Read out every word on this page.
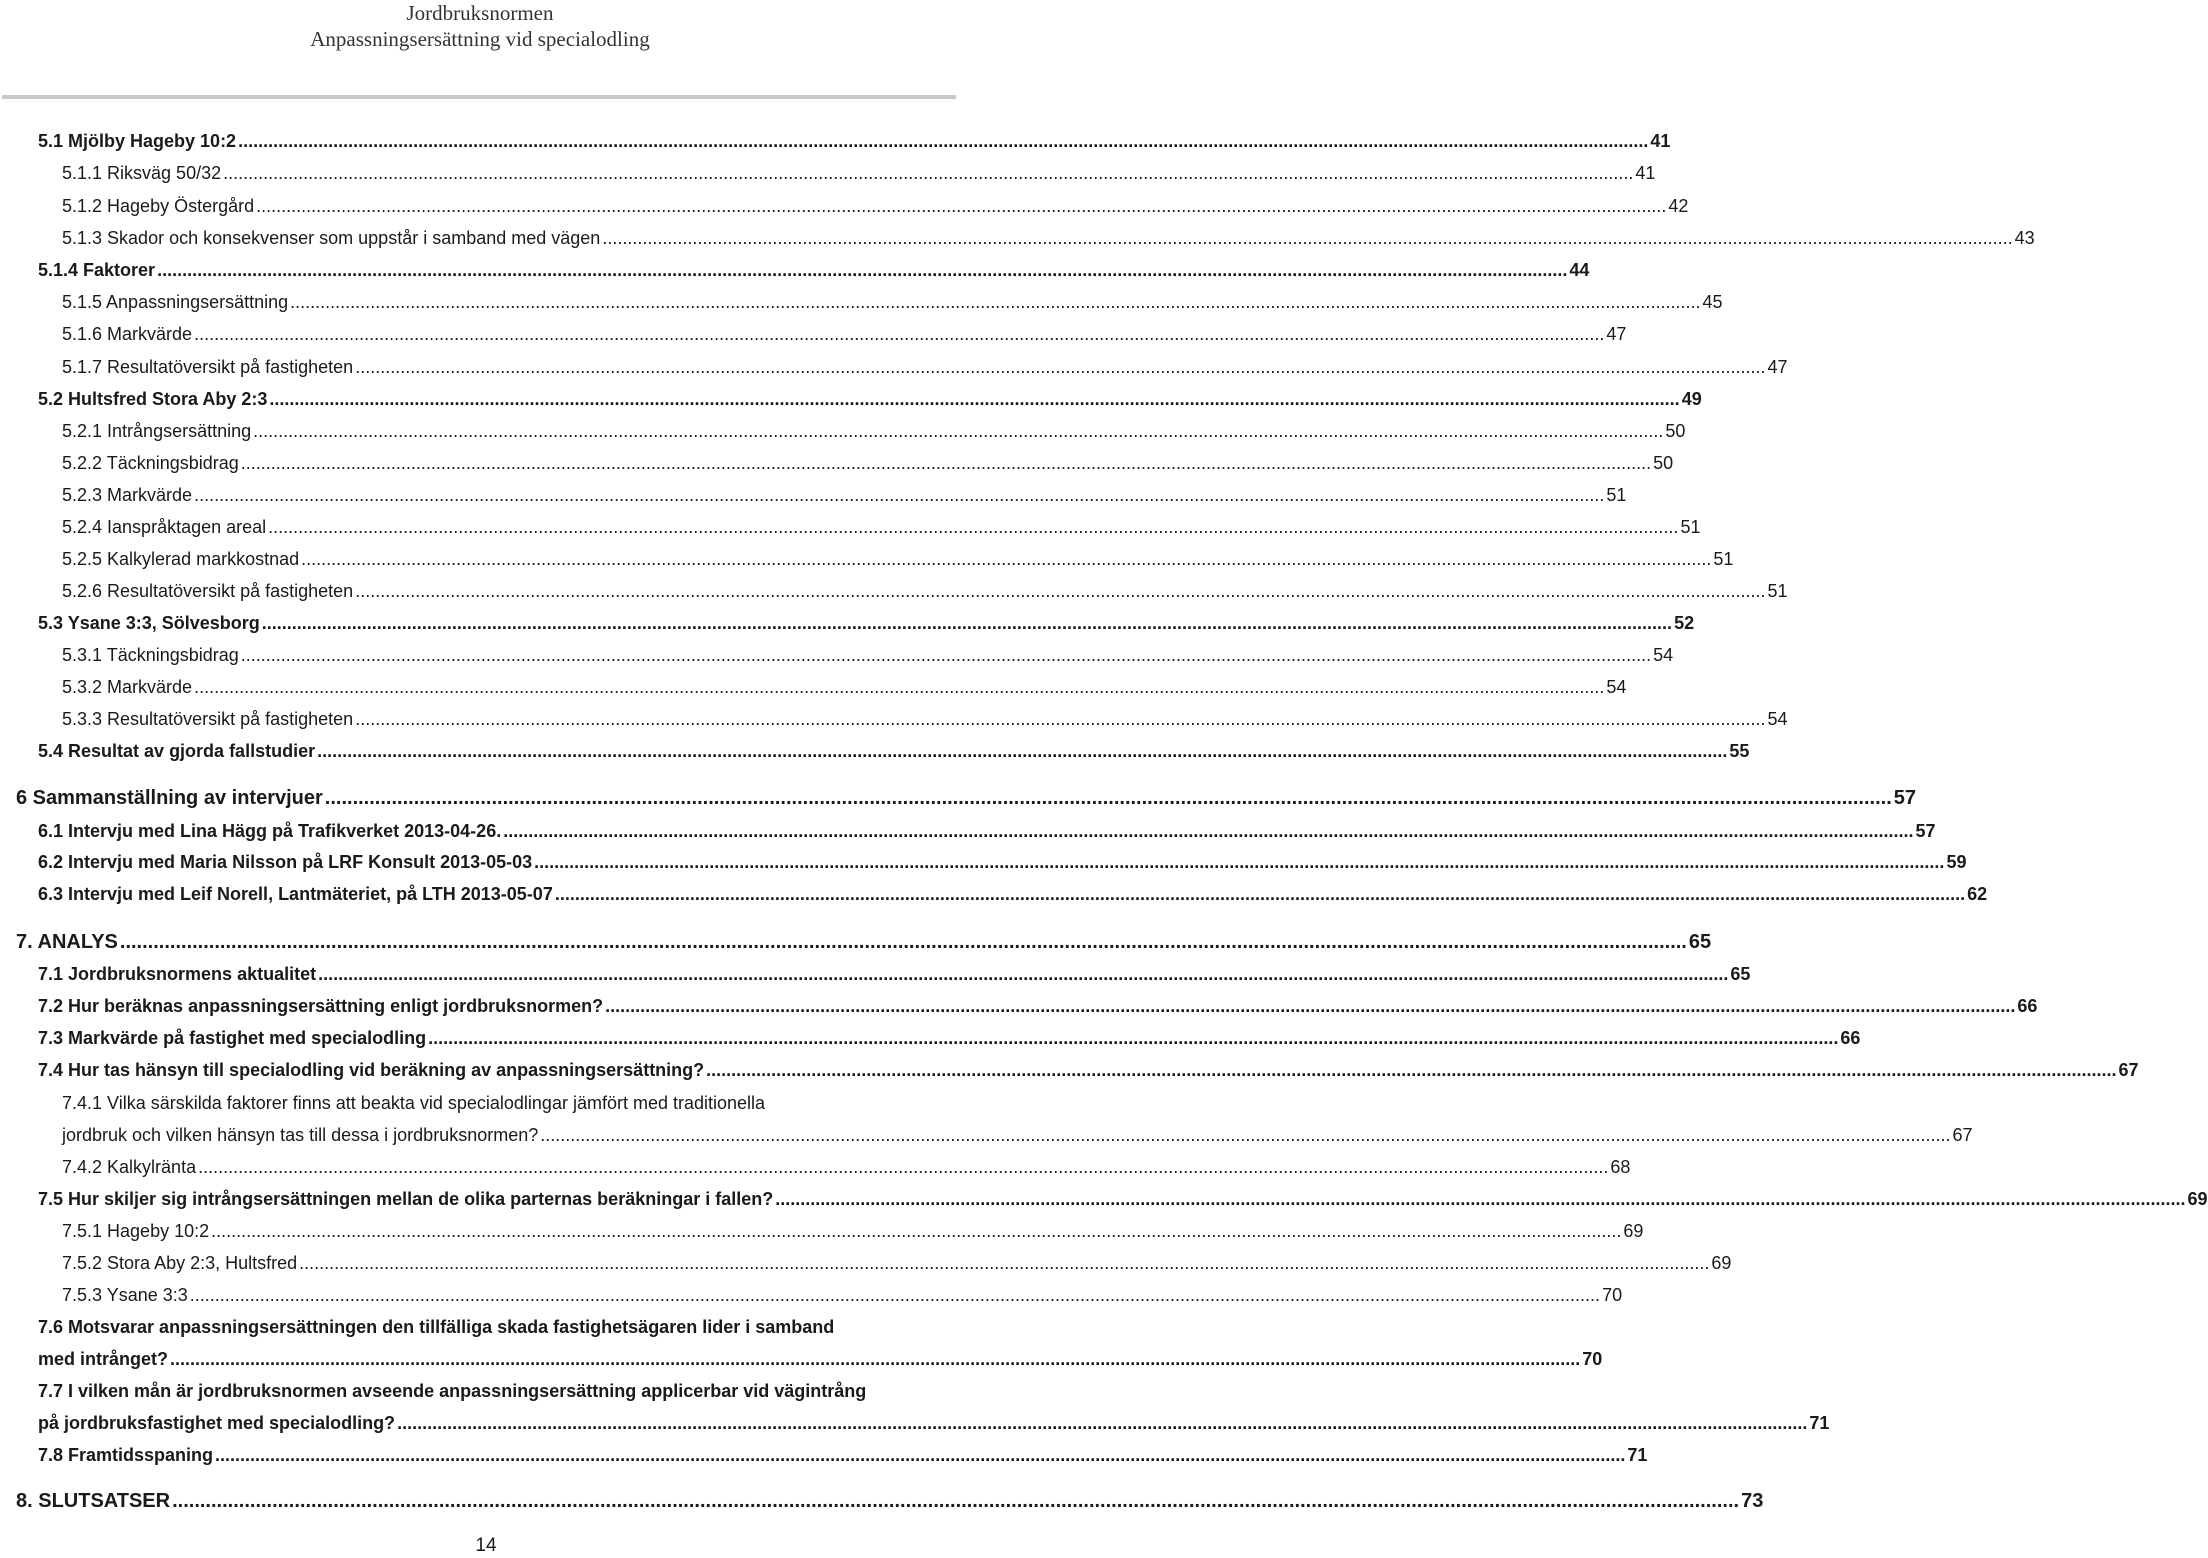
Jordbruksnormen
Anpassningsersättning vid specialodling
5.1 Mjölby Hageby 10:2 .......................................................................................................................................................................................................................................................................................... 41
5.1.1 Riksväg 50/32 .......................................................................................................................................................................................................................................................................................... 41
5.1.2 Hageby Östergård .......................................................................................................................................................................................................................................................................................... 42
5.1.3 Skador och konsekvenser som uppstår i samband med vägen .......................................................................................................................................................................................................................................................................................... 43
5.1.4 Faktorer .......................................................................................................................................................................................................................................................................................... 44
5.1.5 Anpassningsersättning .......................................................................................................................................................................................................................................................................................... 45
5.1.6 Markvärde .......................................................................................................................................................................................................................................................................................... 47
5.1.7 Resultatöversikt på fastigheten .......................................................................................................................................................................................................................................................................................... 47
5.2 Hultsfred Stora Aby 2:3 .......................................................................................................................................................................................................................................................................................... 49
5.2.1 Intrångsersättning .......................................................................................................................................................................................................................................................................................... 50
5.2.2 Täckningsbidrag .......................................................................................................................................................................................................................................................................................... 50
5.2.3 Markvärde .......................................................................................................................................................................................................................................................................................... 51
5.2.4 Ianspråktagen areal .......................................................................................................................................................................................................................................................................................... 51
5.2.5 Kalkylerad markkostnad .......................................................................................................................................................................................................................................................................................... 51
5.2.6 Resultatöversikt på fastigheten .......................................................................................................................................................................................................................................................................................... 51
5.3 Ysane 3:3, Sölvesborg .......................................................................................................................................................................................................................................................................................... 52
5.3.1 Täckningsbidrag .......................................................................................................................................................................................................................................................................................... 54
5.3.2 Markvärde .......................................................................................................................................................................................................................................................................................... 54
5.3.3 Resultatöversikt på fastigheten .......................................................................................................................................................................................................................................................................................... 54
5.4 Resultat av gjorda fallstudier .......................................................................................................................................................................................................................................................................................... 55
6 Sammanställning av intervjuer .......................................................................................................................................................................................................................................................................................... 57
6.1 Intervju med Lina Hägg på Trafikverket 2013-04-26. .......................................................................................................................................................................................................................................................................................... 57
6.2 Intervju med Maria Nilsson på LRF Konsult 2013-05-03 .......................................................................................................................................................................................................................................................................................... 59
6.3 Intervju med Leif Norell, Lantmäteriet, på LTH 2013-05-07 .......................................................................................................................................................................................................................................................................................... 62
7. ANALYS .......................................................................................................................................................................................................................................................................................... 65
7.1 Jordbruksnormens aktualitet .......................................................................................................................................................................................................................................................................................... 65
7.2 Hur beräknas anpassningsersättning enligt jordbruksnormen? .......................................................................................................................................................................................................................................................................................... 66
7.3 Markvärde på fastighet med specialodling .......................................................................................................................................................................................................................................................................................... 66
7.4 Hur tas hänsyn till specialodling vid beräkning av anpassningsersättning? .......................................................................................................................................................................................................................................................................................... 67
7.4.1 Vilka särskilda faktorer finns att beakta vid specialodlingar jämfört med traditionella
jordbruk och vilken hänsyn tas till dessa i jordbruksnormen? .......................................................................................................................................................................................................................................................................................... 67
7.4.2 Kalkylränta .......................................................................................................................................................................................................................................................................................... 68
7.5 Hur skiljer sig intrångsersättningen mellan de olika parternas beräkningar i fallen? .......................................................................................................................................................................................................................................................................................... 69
7.5.1 Hageby 10:2 .......................................................................................................................................................................................................................................................................................... 69
7.5.2 Stora Aby 2:3, Hultsfred .......................................................................................................................................................................................................................................................................................... 69
7.5.3 Ysane 3:3 .......................................................................................................................................................................................................................................................................................... 70
7.6 Motsvarar anpassningsersättningen den tillfälliga skada fastighetsägaren lider i samband
med intrånget? .......................................................................................................................................................................................................................................................................................... 70
7.7 I vilken mån är jordbruksnormen avseende anpassningsersättning applicerbar vid vägintrång
på jordbruksfastighet med specialodling? .......................................................................................................................................................................................................................................................................................... 71
7.8 Framtidsspaning .......................................................................................................................................................................................................................................................................................... 71
8. SLUTSATSER .......................................................................................................................................................................................................................................................................................... 73
14
